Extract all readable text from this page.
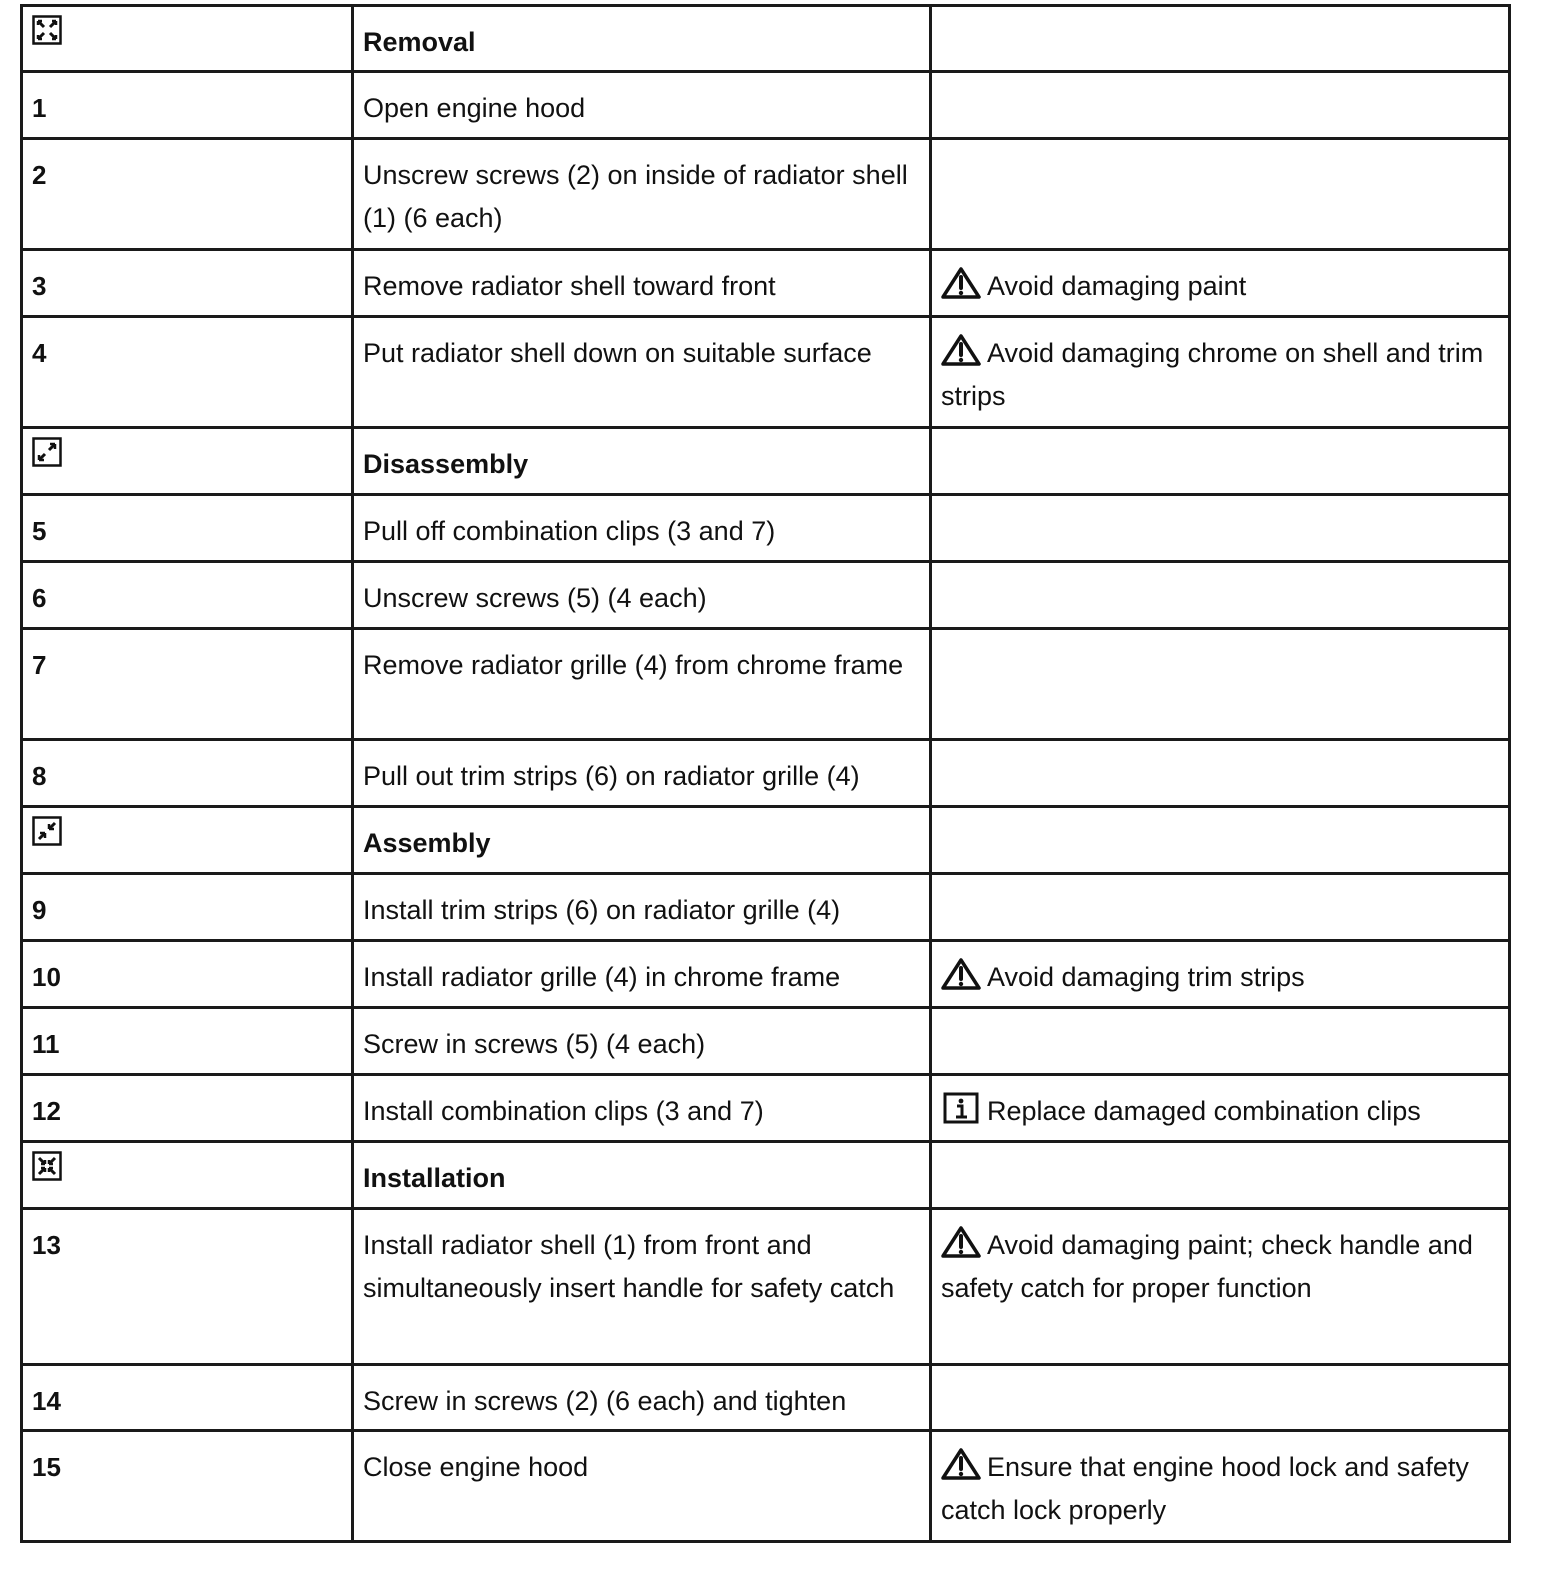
	Removal	
1	Open engine hood	
2	Unscrew screws (2) on inside of radiator shell (1) (6 each)	
3	Remove radiator shell toward front	Avoid damaging paint
4	Put radiator shell down on suitable surface	Avoid damaging chrome on shell and trim strips
	Disassembly	
5	Pull off combination clips (3 and 7)	
6	Unscrew screws (5) (4 each)	
7	Remove radiator grille (4) from chrome frame	
8	Pull out trim strips (6) on radiator grille (4)	
	Assembly	
9	Install trim strips (6) on radiator grille (4)	
10	Install radiator grille (4) in chrome frame	Avoid damaging trim strips
11	Screw in screws (5) (4 each)	
12	Install combination clips (3 and 7)	Replace damaged combination clips
	Installation	
13	Install radiator shell (1) from front and simultaneously insert handle for safety catch	Avoid damaging paint; check handle and safety catch for proper function
14	Screw in screws (2) (6 each) and tighten	
15	Close engine hood	Ensure that engine hood lock and safety catch lock properly
